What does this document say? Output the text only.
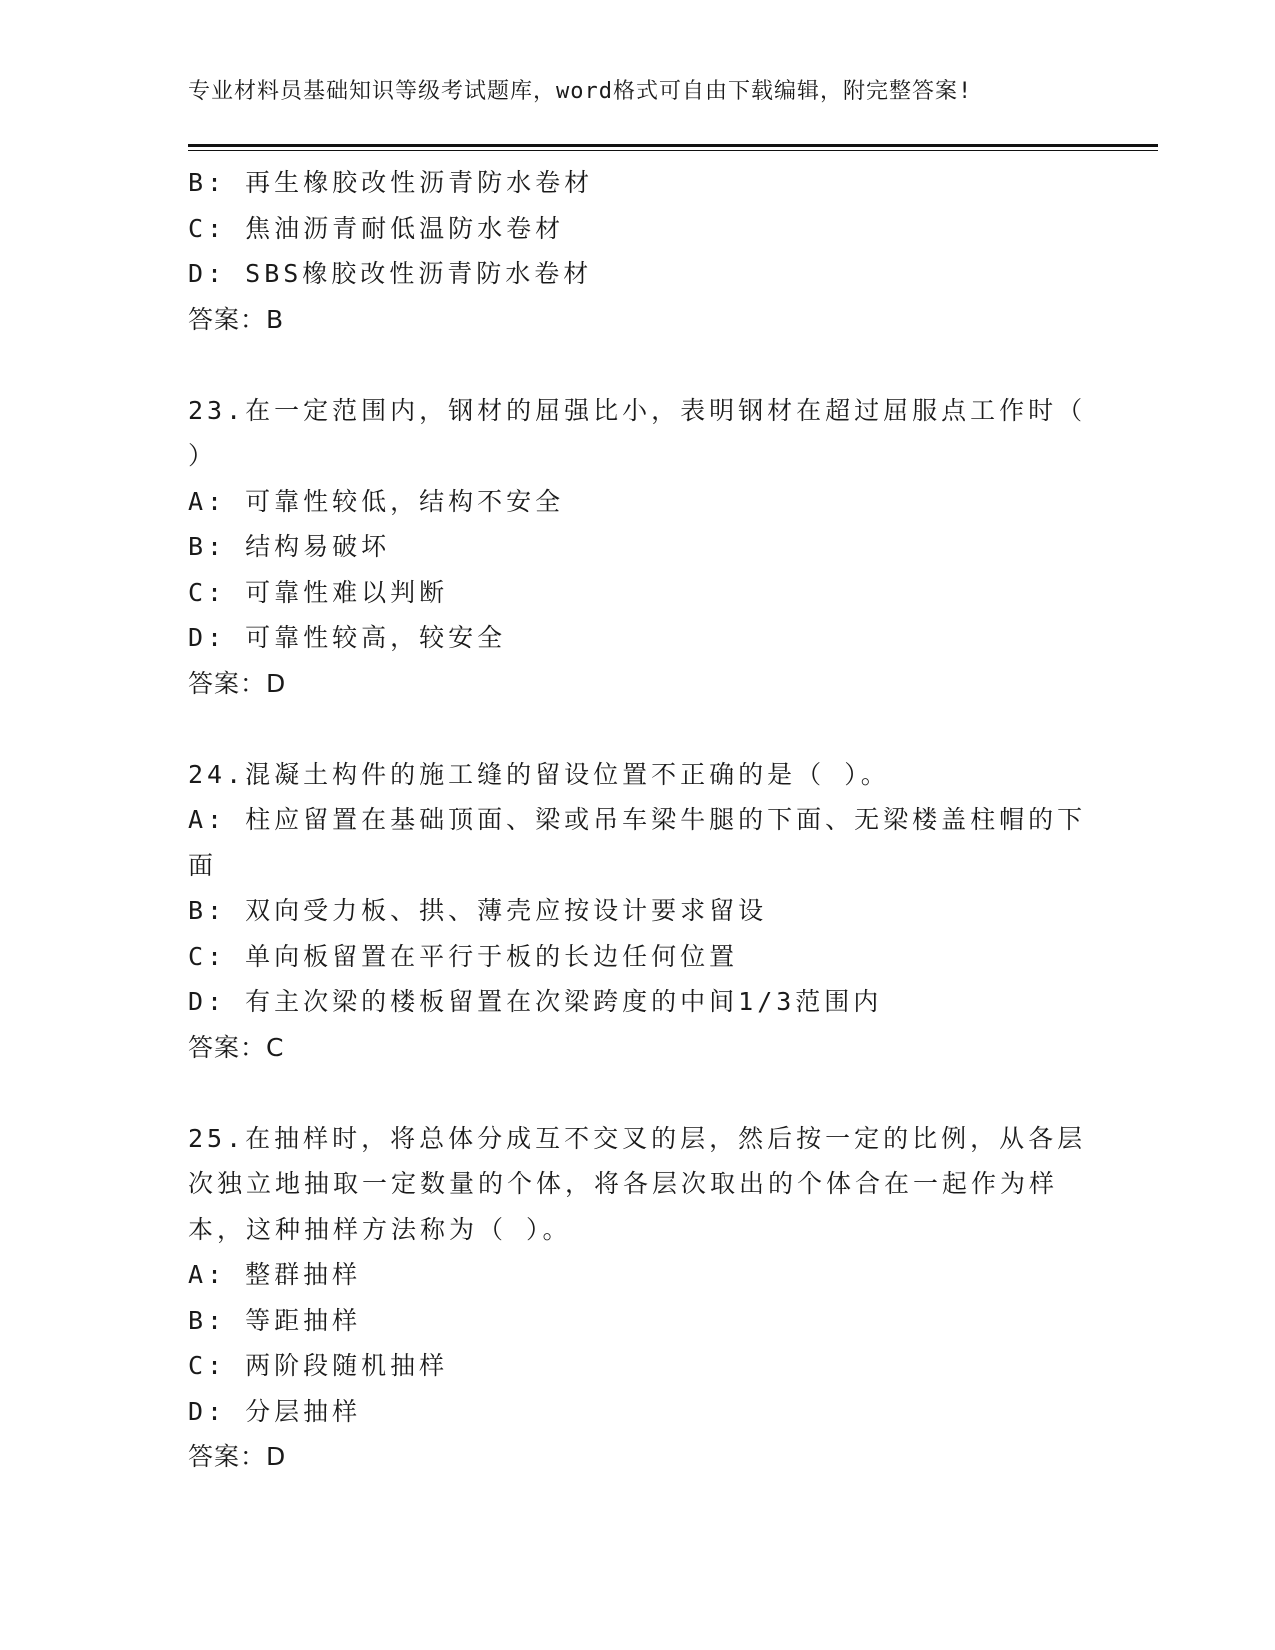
专业材料员基础知识等级考试题库，word格式可自由下载编辑，附完整答案!
B: 再生橡胶改性沥青防水卷材
C: 焦油沥青耐低温防水卷材
D: SBS橡胶改性沥青防水卷材
答案：B
23.在一定范围内，钢材的屈强比小，表明钢材在超过屈服点工作时（
）
A: 可靠性较低，结构不安全
B: 结构易破坏
C: 可靠性难以判断
D: 可靠性较高，较安全
答案：D
24.混凝土构件的施工缝的留设位置不正确的是（ ）。
A: 柱应留置在基础顶面、梁或吊车梁牛腿的下面、无梁楼盖柱帽的下
面
B: 双向受力板、拱、薄壳应按设计要求留设
C: 单向板留置在平行于板的长边任何位置
D: 有主次梁的楼板留置在次梁跨度的中间1/3范围内
答案：C
25.在抽样时，将总体分成互不交叉的层，然后按一定的比例，从各层
次独立地抽取一定数量的个体，将各层次取出的个体合在一起作为样
本，这种抽样方法称为（ ）。
A: 整群抽样
B: 等距抽样
C: 两阶段随机抽样
D: 分层抽样
答案：D
